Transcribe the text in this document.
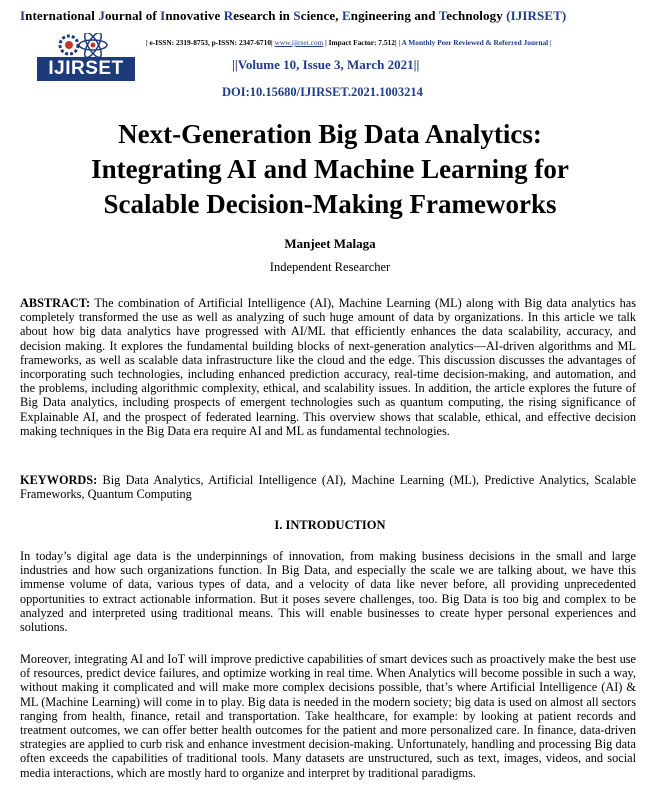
International Journal of Innovative Research in Science, Engineering and Technology (IJIRSET)
IJIRSET
| e-ISSN: 2319-8753, p-ISSN: 2347-6710| www.ijirset.com | Impact Factor: 7.512| | A Monthly Peer Reviewed & Referred Journal |
||Volume 10, Issue 3, March 2021||
DOI:10.15680/IJIRSET.2021.1003214
Next-Generation Big Data Analytics:
Integrating AI and Machine Learning for
Scalable Decision-Making Frameworks
Manjeet Malaga
Independent Researcher

ABSTRACT: The combination of Artificial Intelligence (AI), Machine Learning (ML) along with Big data analytics has completely transformed the use as well as analyzing of such huge amount of data by organizations. In this article we talk about how big data analytics have progressed with AI/ML that efficiently enhances the data scalability, accuracy, and decision making. It explores the fundamental building blocks of next-generation analytics—AI-driven algorithms and ML frameworks, as well as scalable data infrastructure like the cloud and the edge. This discussion discusses the advantages of incorporating such technologies, including enhanced prediction accuracy, real-time decision-making, and automation, and the problems, including algorithmic complexity, ethical, and scalability issues. In addition, the article explores the future of Big Data analytics, including prospects of emergent technologies such as quantum computing, the rising significance of Explainable AI, and the prospect of federated learning. This overview shows that scalable, ethical, and effective decision making techniques in the Big Data era require AI and ML as fundamental technologies.

KEYWORDS: Big Data Analytics, Artificial Intelligence (AI), Machine Learning (ML), Predictive Analytics, Scalable Frameworks, Quantum Computing

I. INTRODUCTION

In today’s digital age data is the underpinnings of innovation, from making business decisions in the small and large industries and how such organizations function. In Big Data, and especially the scale we are talking about, we have this immense volume of data, various types of data, and a velocity of data like never before, all providing unprecedented opportunities to extract actionable information. But it poses severe challenges, too. Big Data is too big and complex to be analyzed and interpreted using traditional means. This will enable businesses to create hyper personal experiences and solutions.

Moreover, integrating AI and IoT will improve predictive capabilities of smart devices such as proactively make the best use of resources, predict device failures, and optimize working in real time. When Analytics will become possible in such a way, without making it complicated and will make more complex decisions possible, that’s where Artificial Intelligence (AI) & ML (Machine Learning) will come in to play. Big data is needed in the modern society; big data is used on almost all sectors ranging from health, finance, retail and transportation. Take healthcare, for example: by looking at patient records and treatment outcomes, we can offer better health outcomes for the patient and more personalized care. In finance, data-driven strategies are applied to curb risk and enhance investment decision-making. Unfortunately, handling and processing Big data often exceeds the capabilities of traditional tools. Many datasets are unstructured, such as text, images, videos, and social media interactions, which are mostly hard to organize and interpret by traditional paradigms.
